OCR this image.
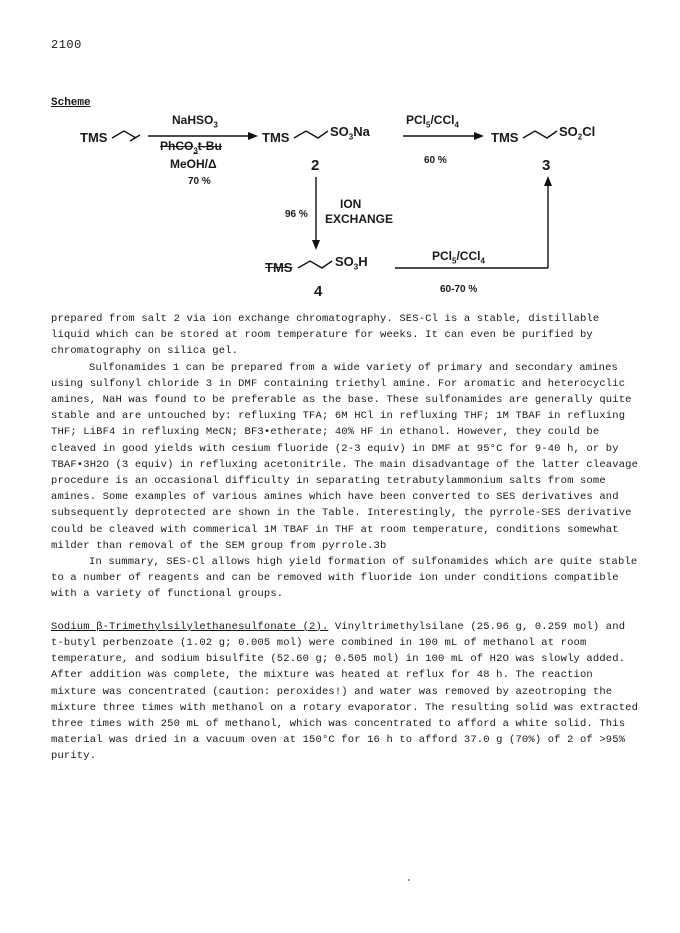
2100
Scheme
TMS
NaHSO$_3$
PhCO$_3$t-Bu
MeOH/Δ
70 %
TMS	$SO_3Na$
2
PCl$_5$/CCl$_4$
60 %
TMS	$SO_2Cl$
3
96 %
ION
EXCHANGE
TMS	$SO_3H$
4
PCl$_5$/CCl$_4$
60-70 %

prepared from salt 2 via ion exchange chromatography. SES-Cl is a stable, distillable liquid which can be stored at room temperature for weeks. It can even be purified by chromatography on silica gel.

Sulfonamides 1 can be prepared from a wide variety of primary and secondary amines using sulfonyl chloride 3 in DMF containing triethyl amine. For aromatic and heterocyclic amines, NaH was found to be preferable as the base. These sulfonamides are generally quite stable and are untouched by: refluxing TFA; 6M HCl in refluxing THF; 1M TBAF in refluxing THF; LiBF4 in refluxing MeCN; BF3•etherate; 40% HF in ethanol. However, they could be cleaved in good yields with cesium fluoride (2-3 equiv) in DMF at 95°C for 9-40 h, or by TBAF•3H2O (3 equiv) in refluxing acetonitrile. The main disadvantage of the latter cleavage procedure is an occasional difficulty in separating tetrabutylammonium salts from some amines. Some examples of various amines which have been converted to SES derivatives and subsequently deprotected are shown in the Table. Interestingly, the pyrrole-SES derivative could be cleaved with commerical 1M TBAF in THF at room temperature, conditions somewhat milder than removal of the SEM group from pyrrole.3b

In summary, SES-Cl allows high yield formation of sulfonamides which are quite stable to a number of reagents and can be removed with fluoride ion under conditions compatible with a variety of functional groups.

Sodium β-Trimethylsilylethanesulfonate (2). Vinyltrimethylsilane (25.96 g, 0.259 mol) and t-butyl perbenzoate (1.02 g; 0.005 mol) were combined in 100 mL of methanol at room temperature, and sodium bisulfite (52.60 g; 0.505 mol) in 100 mL of H2O was slowly added. After addition was complete, the mixture was heated at reflux for 48 h. The reaction mixture was concentrated (caution: peroxides!) and water was removed by azeotroping the mixture three times with methanol on a rotary evaporator. The resulting solid was extracted three times with 250 mL of methanol, which was concentrated to afford a white solid. This material was dried in a vacuum oven at 150°C for 16 h to afford 37.0 g (70%) of 2 of >95% purity.
